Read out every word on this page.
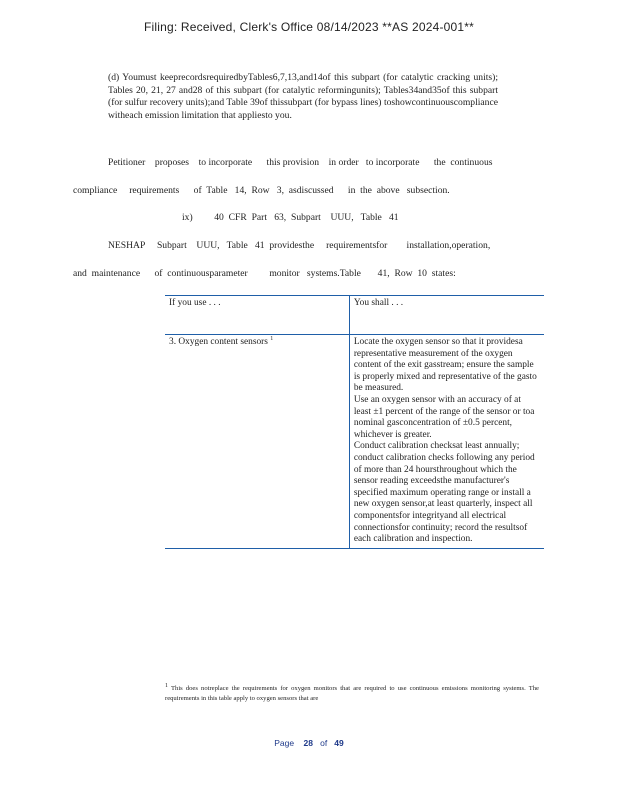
Filing: Received, Clerk's Office 08/14/2023 **AS 2024-001**
(d) Youmust keeprecordsrequiredbyTables6,7,13,and14of this subpart (for catalytic cracking units); Tables 20, 21, 27 and28 of this subpart (for catalytic reformingunits); Tables34and35of this subpart (for sulfur recovery units);and Table 39of thissubpart (for bypass lines) toshowcontinuouscompliance witheach emission limitation that appliesto you.
Petitioner    proposes    to incorporate      this provision    in order   to incorporate      the  continuous
compliance     requirements      of  Table   14,  Row   3,  asdiscussed      in  the  above   subsection.
ix)         40  CFR  Part   63,  Subpart    UUU,   Table   41
NESHAP     Subpart    UUU,   Table   41  providesthe     requirementsfor        installation,operation,
and  maintenance      of  continuousparameter         monitor   systems.Table       41,  Row  10  states:
If you use . . .	You shall . . .
3. Oxygen content sensors $^1$	Locate the oxygen sensor so that it providesa representative measurement of the oxygen content of the exit gasstream; ensure the sample is properly mixed and representative of the gasto be measured.

Use an oxygen sensor with an accuracy of at least ±1 percent of the range of the sensor or toa nominal gasconcentration of ±0.5 percent, whichever is greater.

Conduct calibration checksat least annually; conduct calibration checks following any period of more than 24 hoursthroughout which the sensor reading exceedsthe manufacturer's specified maximum operating range or install a new oxygen sensor,at least quarterly, inspect all componentsfor integrityand all electrical connectionsfor continuity; record the resultsof each calibration and inspection.

$^1$ This does notreplace the requirements for oxygen monitors that are required to use continuous emissions monitoring systems. The requirements in this table apply to oxygen sensors that are
Page 28 of 49
